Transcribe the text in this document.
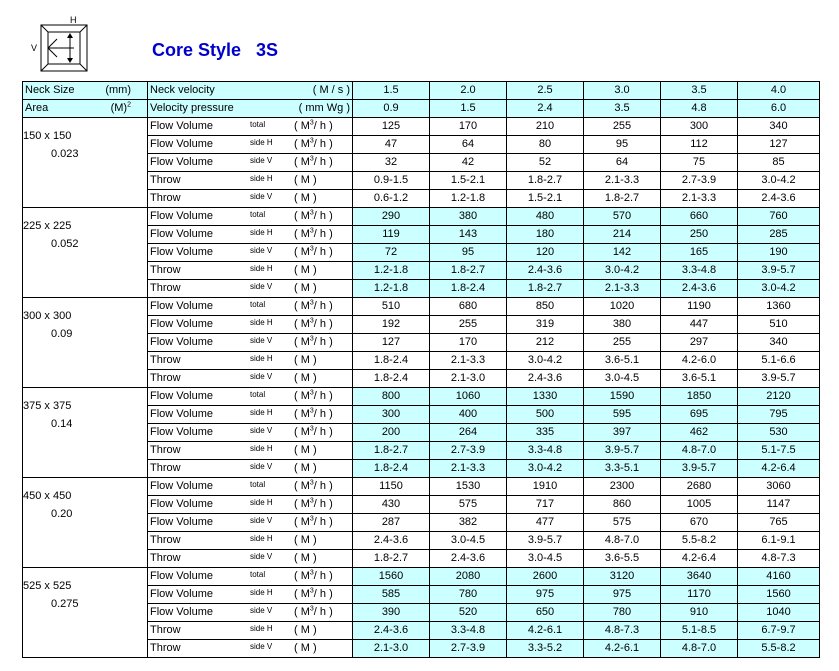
H
V	Core Style   3S
Neck Size (mm)	Neck velocity ( M / s )	1.5	2.0	2.5	3.0	3.5	4.0

Area $(M)^2$	Velocity pressure ( mm Wg )	0.9	1.5	2.4	3.5	4.8	6.0

150 x 150
0.023	Flow Volume total ( $M^3/$ h )	125	170	210	255	300	340

	Flow Volume side H ( $M^3/$ h )	47	64	80	95	112	127

	Flow Volume side V ( $M^3/$ h )	32	42	52	64	75	85

	Throw side H ( M )	0.9-1.5	1.5-2.1	1.8-2.7	2.1-3.3	2.7-3.9	3.0-4.2

	Throw side V ( M )	0.6-1.2	1.2-1.8	1.5-2.1	1.8-2.7	2.1-3.3	2.4-3.6

225 x 225
0.052	Flow Volume total ( $M^3/$ h )	290	380	480	570	660	760

	Flow Volume side H ( $M^3/$ h )	119	143	180	214	250	285

	Flow Volume side V ( $M^3/$ h )	72	95	120	142	165	190

	Throw side H ( M )	1.2-1.8	1.8-2.7	2.4-3.6	3.0-4.2	3.3-4.8	3.9-5.7

	Throw side V ( M )	1.2-1.8	1.8-2.4	1.8-2.7	2.1-3.3	2.4-3.6	3.0-4.2

300 x 300
0.09	Flow Volume total ( $M^3/$ h )	510	680	850	1020	1190	1360

	Flow Volume side H ( $M^3/$ h )	192	255	319	380	447	510

	Flow Volume side V ( $M^3/$ h )	127	170	212	255	297	340

	Throw side H ( M )	1.8-2.4	2.1-3.3	3.0-4.2	3.6-5.1	4.2-6.0	5.1-6.6

	Throw side V ( M )	1.8-2.4	2.1-3.0	2.4-3.6	3.0-4.5	3.6-5.1	3.9-5.7

375 x 375
0.14	Flow Volume total ( $M^3/$ h )	800	1060	1330	1590	1850	2120

	Flow Volume side H ( $M^3/$ h )	300	400	500	595	695	795

	Flow Volume side V ( $M^3/$ h )	200	264	335	397	462	530

	Throw side H ( M )	1.8-2.7	2.7-3.9	3.3-4.8	3.9-5.7	4.8-7.0	5.1-7.5

	Throw side V ( M )	1.8-2.4	2.1-3.3	3.0-4.2	3.3-5.1	3.9-5.7	4.2-6.4

450 x 450
0.20	Flow Volume total ( $M^3/$ h )	1150	1530	1910	2300	2680	3060

	Flow Volume side H ( $M^3/$ h )	430	575	717	860	1005	1147

	Flow Volume side V ( $M^3/$ h )	287	382	477	575	670	765

	Throw side H ( M )	2.4-3.6	3.0-4.5	3.9-5.7	4.8-7.0	5.5-8.2	6.1-9.1

	Throw side V ( M )	1.8-2.7	2.4-3.6	3.0-4.5	3.6-5.5	4.2-6.4	4.8-7.3

525 x 525
0.275	Flow Volume total ( $M^3/$ h )	1560	2080	2600	3120	3640	4160

	Flow Volume side H ( $M^3/$ h )	585	780	975	975	1170	1560

	Flow Volume side V ( $M^3/$ h )	390	520	650	780	910	1040

	Throw side H ( M )	2.4-3.6	3.3-4.8	4.2-6.1	4.8-7.3	5.1-8.5	6.7-9.7

	Throw side V ( M )	2.1-3.0	2.7-3.9	3.3-5.2	4.2-6.1	4.8-7.0	5.5-8.2
